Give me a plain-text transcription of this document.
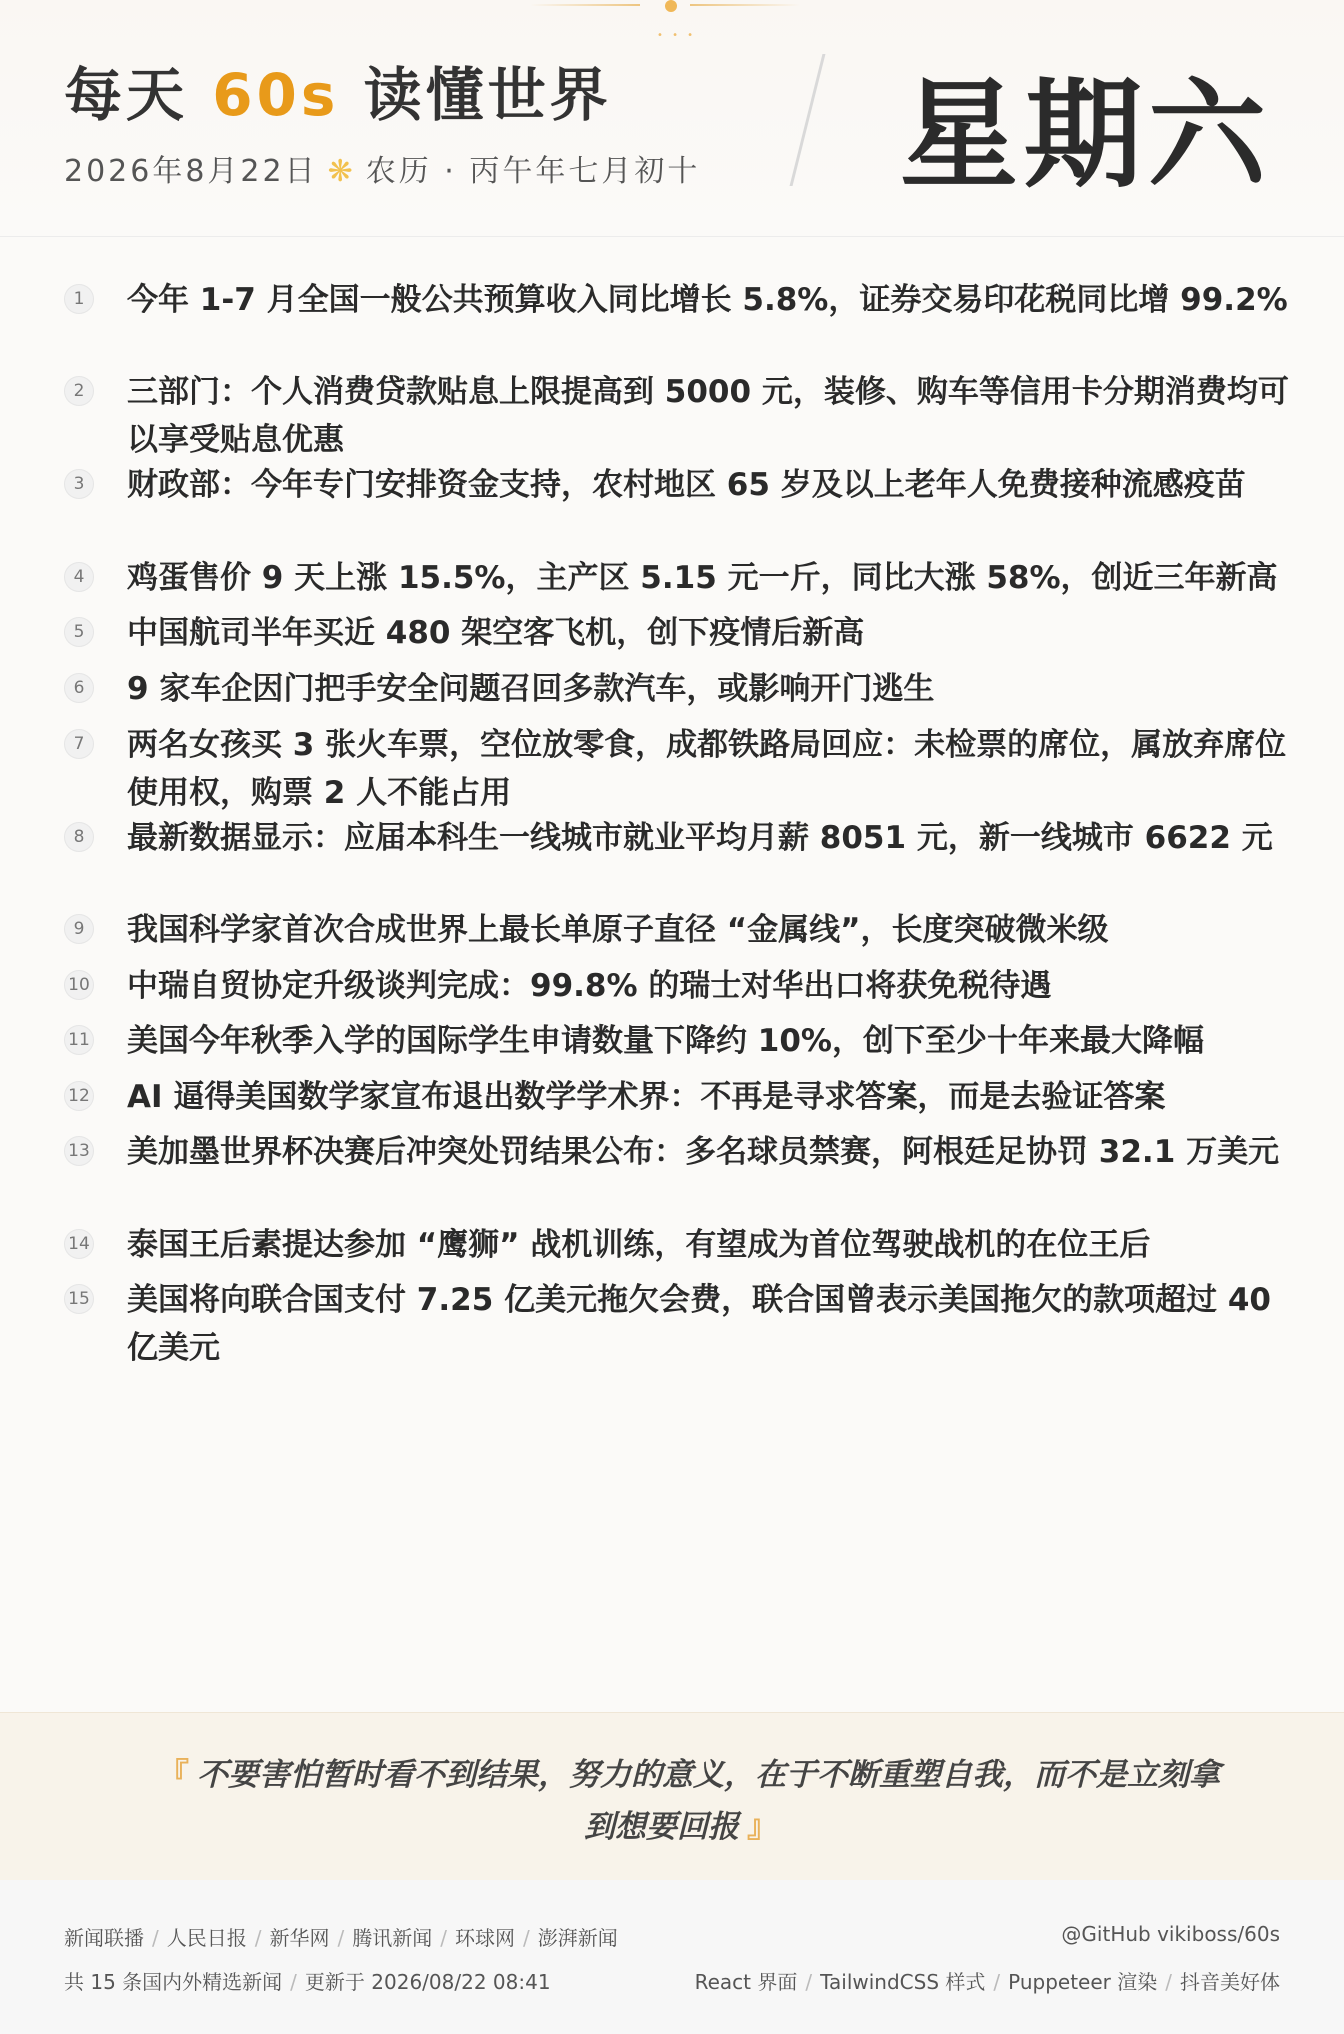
• • •
每天 60s 读懂世界
2026年8月22日 ❋ 农历 · 丙午年七月初十 星期六
1	今年 1-7 月全国一般公共预算收入同比增长 5.8%，证券交易印花税同比增 99.2%
2	三部门：个人消费贷款贴息上限提高到 5000 元，装修、购车等信用卡分期消费均可以享受贴息优惠
3	财政部：今年专门安排资金支持，农村地区 65 岁及以上老年人免费接种流感疫苗
4	鸡蛋售价 9 天上涨 15.5%，主产区 5.15 元一斤，同比大涨 58%，创近三年新高
5	中国航司半年买近 480 架空客飞机，创下疫情后新高
6	9 家车企因门把手安全问题召回多款汽车，或影响开门逃生
7	两名女孩买 3 张火车票，空位放零食，成都铁路局回应：未检票的席位，属放弃席位使用权，购票 2 人不能占用
8	最新数据显示：应届本科生一线城市就业平均月薪 8051 元，新一线城市 6622 元
9	我国科学家首次合成世界上最长单原子直径 “金属线”，长度突破微米级
10 中瑞自贸协定升级谈判完成：99.8% 的瑞士对华出口将获免税待遇
11 美国今年秋季入学的国际学生申请数量下降约 10%，创下至少十年来最大降幅
12 AI 逼得美国数学家宣布退出数学学术界：不再是寻求答案，而是去验证答案
13 美加墨世界杯决赛后冲突处罚结果公布：多名球员禁赛，阿根廷足协罚 32.1 万美元
14 泰国王后素提达参加 “鹰狮” 战机训练，有望成为首位驾驶战机的在位王后
15 美国将向联合国支付 7.25 亿美元拖欠会费，联合国曾表示美国拖欠的款项超过 40 亿美元
『 不要害怕暂时看不到结果，努力的意义，在于不断重塑自我，而不是立刻拿到想要回报 』
新闻联播 / 人民日报 / 新华网 / 腾讯新闻 / 环球网 / 澎湃新闻	@GitHub vikiboss/60s
共 15 条国内外精选新闻 / 更新于 2026/08/22 08:41	React 界面 / TailwindCSS 样式 / Puppeteer 渲染 / 抖音美好体
